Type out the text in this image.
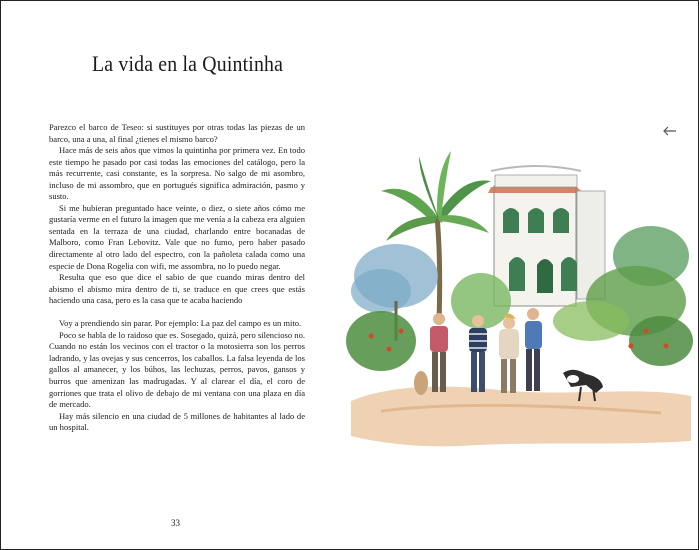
La vida en la Quintinha

Parezco el barco de Teseo: si sustituyes por otras todas las piezas de un barco, una a una, al final ¿tienes el mismo barco?

Hace más de seis años que vimos la quintinha por primera vez. En todo este tiempo he pasado por casi todas las emociones del catálogo, pero la más recurrente, casi constante, es la sorpresa. No salgo de mi asombro, incluso de mi assombro, que en portugués significa admiración, pasmo y susto.

Si me hubieran preguntado hace veinte, o diez, o siete años cómo me gustaría verme en el futuro la imagen que me venía a la cabeza era alguien sentada en la terraza de una ciudad, charlando entre bocanadas de Malboro, como Fran Lebovitz. Vale que no fumo, pero haber pasado directamente al otro lado del espectro, con la pañoleta calada como una especie de Dona Rogelia con wifi, me assombra, no lo puedo negar.

Resulta que eso que dice el sabio de que cuando miras dentro del abismo el abismo mira dentro de ti, se traduce en que crees que estás haciendo una casa, pero es la casa que te acaba haciendo

Voy a prendiendo sin parar. Por ejemplo: La paz del campo es un mito.

Poco se habla de lo raidoso que es. Sosegado, quizá, pero silencioso no. Cuando no están los vecinos con el tractor o la motosierra son los perros ladrando, y las ovejas y sus cencerros, los caballos. La falsa leyenda de los gallos al amanecer, y los búhos, las lechuzas, perros, pavos, gansos y burros que amenizan las madrugadas. Y al clarear el día, el coro de gorriones que trata el olivo de debajo de mi ventana con una plaza en día de mercado.

Hay más silencio en una ciudad de 5 millones de habitantes al lado de un hospital.

33
